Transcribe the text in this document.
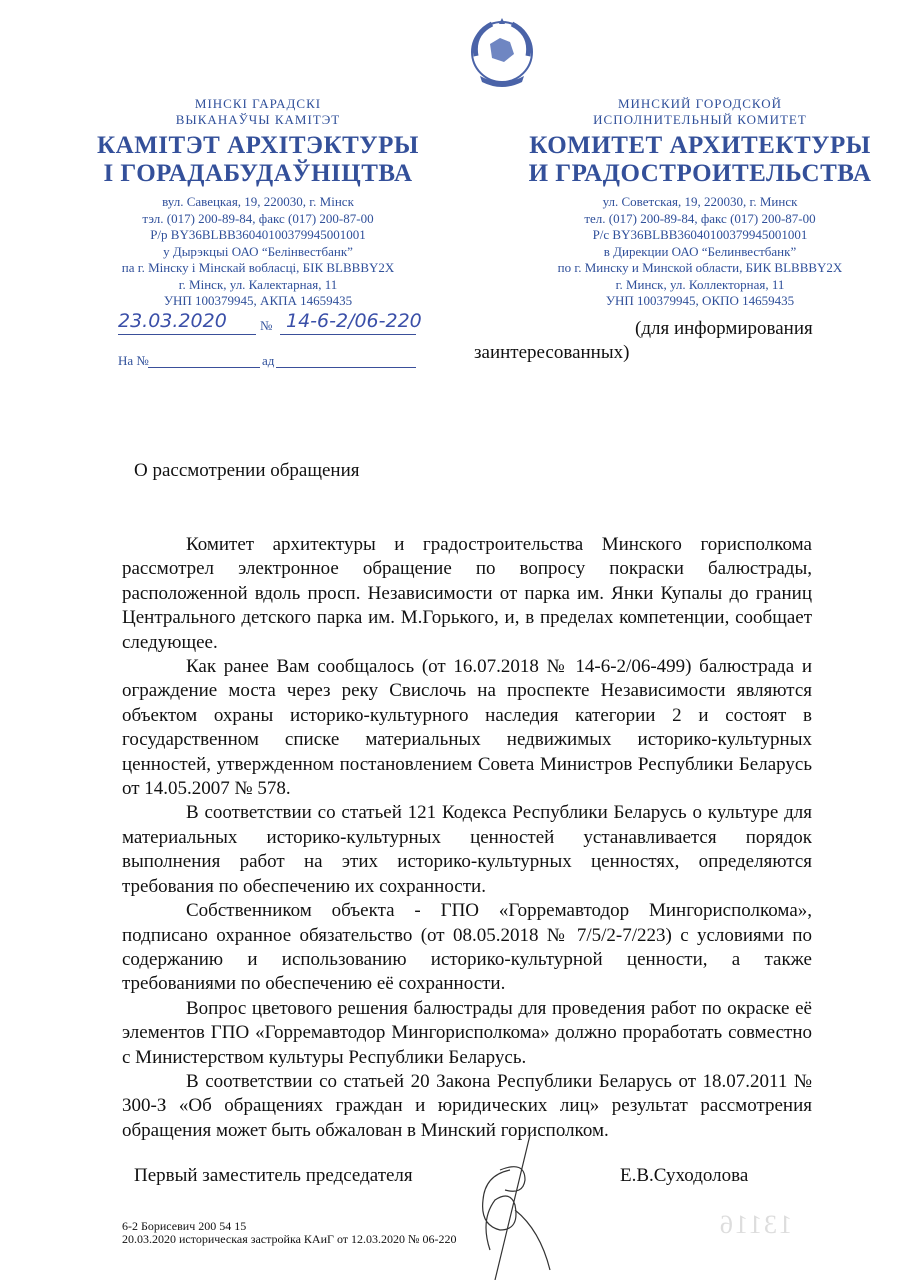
МІНСКІ ГАРАДСКІ
ВЫКАНАЎЧЫ КАМІТЭТ
КАМІТЭТ АРХІТЭКТУРЫ
І ГОРАДАБУДАЎНІЦТВА
вул. Савецкая, 19, 220030, г. Мінск
тэл. (017) 200-89-84, факс (017) 200-87-00
Р/р BY36BLBB36040100379945001001
у Дырэкцыі ОАО “Белінвестбанк”
па г. Мінску і Мінскай вобласці, БІК BLBBBY2X
г. Мінск, ул. Калектарная, 11
УНП 100379945, АКПА 14659435
23.03.2020	№ 14-6-2/06-220
На №	ад
МИНСКИЙ ГОРОДСКОЙ
ИСПОЛНИТЕЛЬНЫЙ КОМИТЕТ
КОМИТЕТ АРХИТЕКТУРЫ
И ГРАДОСТРОИТЕЛЬСТВА
ул. Советская, 19, 220030, г. Минск
тел. (017) 200-89-84, факс (017) 200-87-00
Р/с BY36BLBB36040100379945001001
в Дирекции ОАО “Белинвестбанк”
по г. Минску и Минской области, БИК BLBBBY2X
г. Минск, ул. Коллекторная, 11
УНП 100379945, ОКПО 14659435
(для информирования
заинтересованных)
О рассмотрении обращения

Комитет архитектуры и градостроительства Минского горисполкома рассмотрел электронное обращение по вопросу покраски балюстрады, расположенной вдоль просп. Независимости от парка им. Янки Купалы до границ Центрального детского парка им. М.Горького, и, в пределах компетенции, сообщает следующее.

Как ранее Вам сообщалось (от 16.07.2018 № 14-6-2/06-499) балюстрада и ограждение моста через реку Свислочь на проспекте Независимости являются объектом охраны историко-культурного наследия категории 2 и состоят в государственном списке материальных недвижимых историко-культурных ценностей, утвержденном постановлением Совета Министров Республики Беларусь от 14.05.2007 № 578.

В соответствии со статьей 121 Кодекса Республики Беларусь о культуре для материальных историко-культурных ценностей устанавливается порядок выполнения работ на этих историко-культурных ценностях, определяются требования по обеспечению их сохранности.

Собственником объекта - ГПО «Горремавтодор Мингорисполкома», подписано охранное обязательство (от 08.05.2018 № 7/5/2-7/223) с условиями по содержанию и использованию историко-культурной ценности, а также требованиями по обеспечению её сохранности.

Вопрос цветового решения балюстрады для проведения работ по окраске её элементов ГПО «Горремавтодор Мингорисполкома» должно проработать совместно с Министерством культуры Республики Беларусь.

В соответствии со статьей 20 Закона Республики Беларусь от 18.07.2011 № 300-З «Об обращениях граждан и юридических лиц» результат рассмотрения обращения может быть обжалован в Минский горисполком.

Первый заместитель председателя	Е.В.Суходолова
13116
6-2 Борисевич 200 54 15
20.03.2020 историческая застройка КАиГ от 12.03.2020 № 06-220
